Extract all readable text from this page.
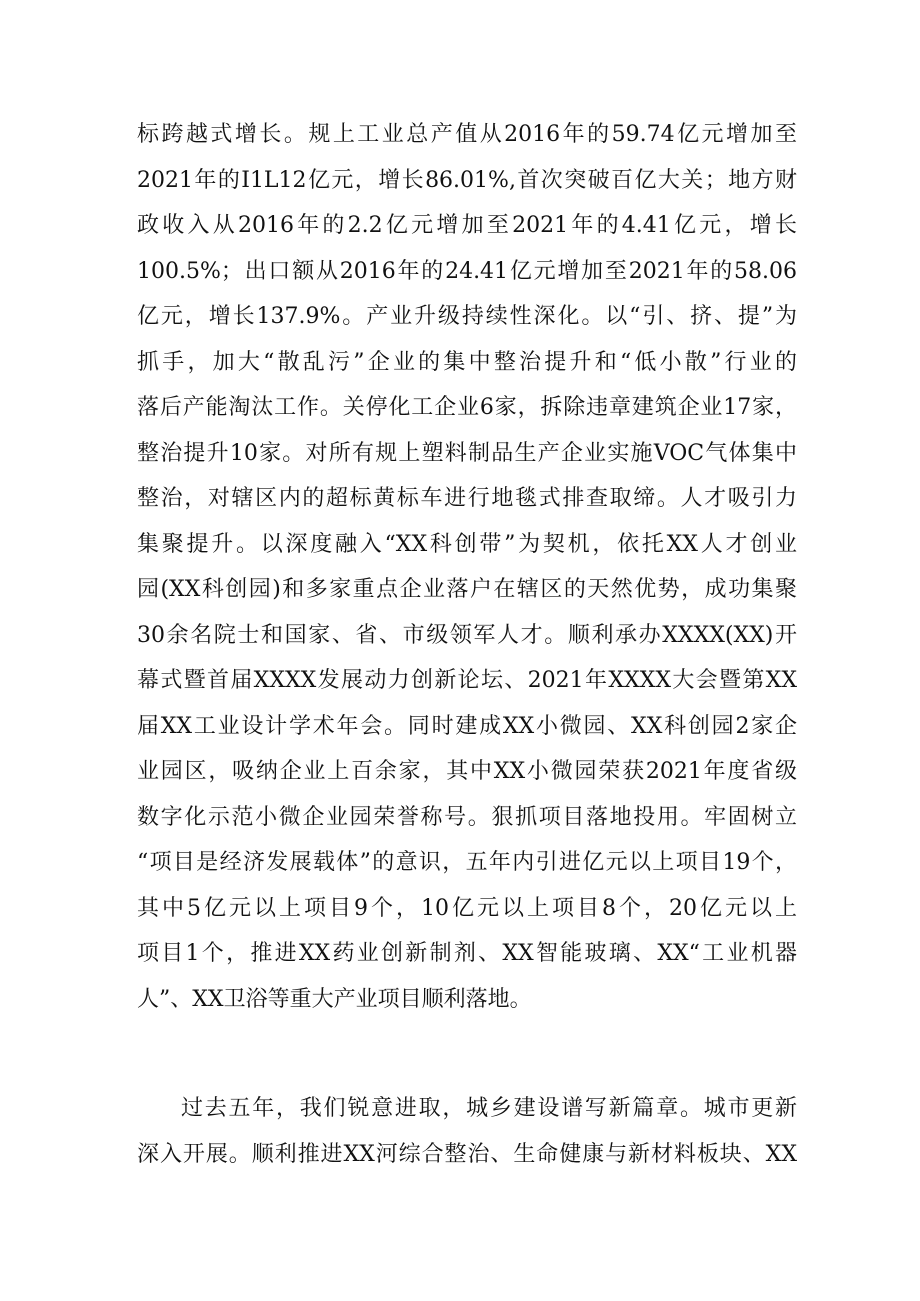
标跨越式增长。规上工业总产值从2016年的59.74亿元增加至
2021年的I1L12亿元，增长86.01%,首次突破百亿大关；地方财
政收入从2016年的2.2亿元增加至2021年的4.41亿元，增长
100.5%；出口额从2016年的24.41亿元增加至2021年的58.06
亿元，增长137.9%。产业升级持续性深化。以“引、挤、提”为
抓手，加大“散乱污”企业的集中整治提升和“低小散”行业的
落后产能淘汰工作。关停化工企业6家，拆除违章建筑企业17家，
整治提升10家。对所有规上塑料制品生产企业实施VOC气体集中
整治，对辖区内的超标黄标车进行地毯式排查取缔。人才吸引力
集聚提升。以深度融入“XX科创带”为契机，依托XX人才创业
园(XX科创园)和多家重点企业落户在辖区的天然优势，成功集聚
30余名院士和国家、省、市级领军人才。顺利承办XXXX(XX)开
幕式暨首届XXXX发展动力创新论坛、2021年XXXX大会暨第XX
届XX工业设计学术年会。同时建成XX小微园、XX科创园2家企
业园区，吸纳企业上百余家，其中XX小微园荣获2021年度省级
数字化示范小微企业园荣誉称号。狠抓项目落地投用。牢固树立
“项目是经济发展载体”的意识，五年内引进亿元以上项目19个，
其中5亿元以上项目9个，10亿元以上项目8个，20亿元以上
项目1个，推进XX药业创新制剂、XX智能玻璃、XX“工业机器
人”、XX卫浴等重大产业项目顺利落地。
过去五年，我们锐意进取，城乡建设谱写新篇章。城市更新
深入开展。顺利推进XX河综合整治、生命健康与新材料板块、XX
